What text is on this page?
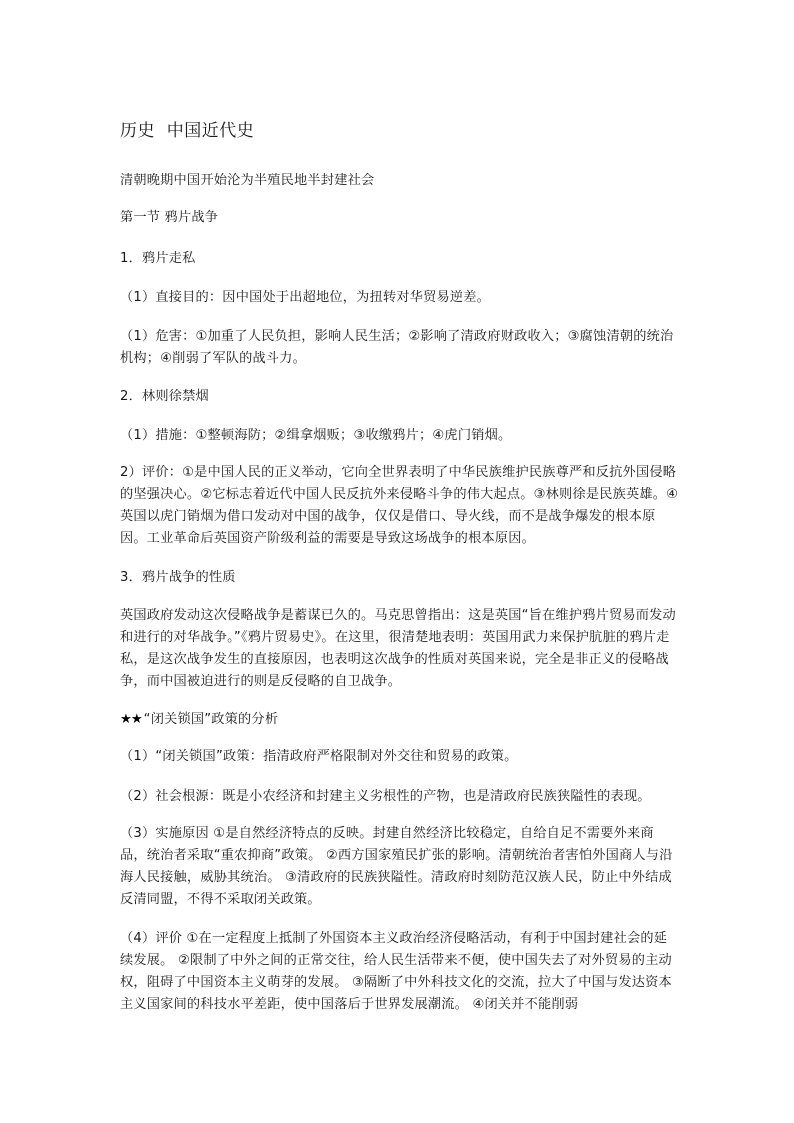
历史  中国近代史

清朝晚期中国开始沦为半殖民地半封建社会

第一节 鸦片战争

1．鸦片走私

（1）直接目的：因中国处于出超地位，为扭转对华贸易逆差。

（1）危害：①加重了人民负担，影响人民生活；②影响了清政府财政收入；③腐蚀清朝的统治机构；④削弱了军队的战斗力。

2．林则徐禁烟

（1）措施：①整顿海防；②缉拿烟贩；③收缴鸦片；④虎门销烟。

2）评价：①是中国人民的正义举动，它向全世界表明了中华民族维护民族尊严和反抗外国侵略的坚强决心。②它标志着近代中国人民反抗外来侵略斗争的伟大起点。③林则徐是民族英雄。④英国以虎门销烟为借口发动对中国的战争，仅仅是借口、导火线，而不是战争爆发的根本原因。工业革命后英国资产阶级利益的需要是导致这场战争的根本原因。

3．鸦片战争的性质

英国政府发动这次侵略战争是蓄谋已久的。马克思曾指出：这是英国“旨在维护鸦片贸易而发动和进行的对华战争。”《鸦片贸易史》。在这里，很清楚地表明：英国用武力来保护肮脏的鸦片走私，是这次战争发生的直接原因，也表明这次战争的性质对英国来说，完全是非正义的侵略战争，而中国被迫进行的则是反侵略的自卫战争。

★★ “闭关锁国”政策的分析

（1）“闭关锁国”政策：指清政府严格限制对外交往和贸易的政策。

（2）社会根源：既是小农经济和封建主义劣根性的产物，也是清政府民族狭隘性的表现。

（3）实施原因 ①是自然经济特点的反映。封建自然经济比较稳定，自给自足不需要外来商品，统治者采取“重农抑商”政策。 ②西方国家殖民扩张的影响。清朝统治者害怕外国商人与沿海人民接触，威胁其统治。 ③清政府的民族狭隘性。清政府时刻防范汉族人民，防止中外结成反清同盟，不得不采取闭关政策。

（4）评价 ①在一定程度上抵制了外国资本主义政治经济侵略活动，有利于中国封建社会的延续发展。 ②限制了中外之间的正常交往，给人民生活带来不便，使中国失去了对外贸易的主动权，阻碍了中国资本主义萌芽的发展。 ③隔断了中外科技文化的交流，拉大了中国与发达资本主义国家间的科技水平差距，使中国落后于世界发展潮流。 ④闭关并不能削弱
